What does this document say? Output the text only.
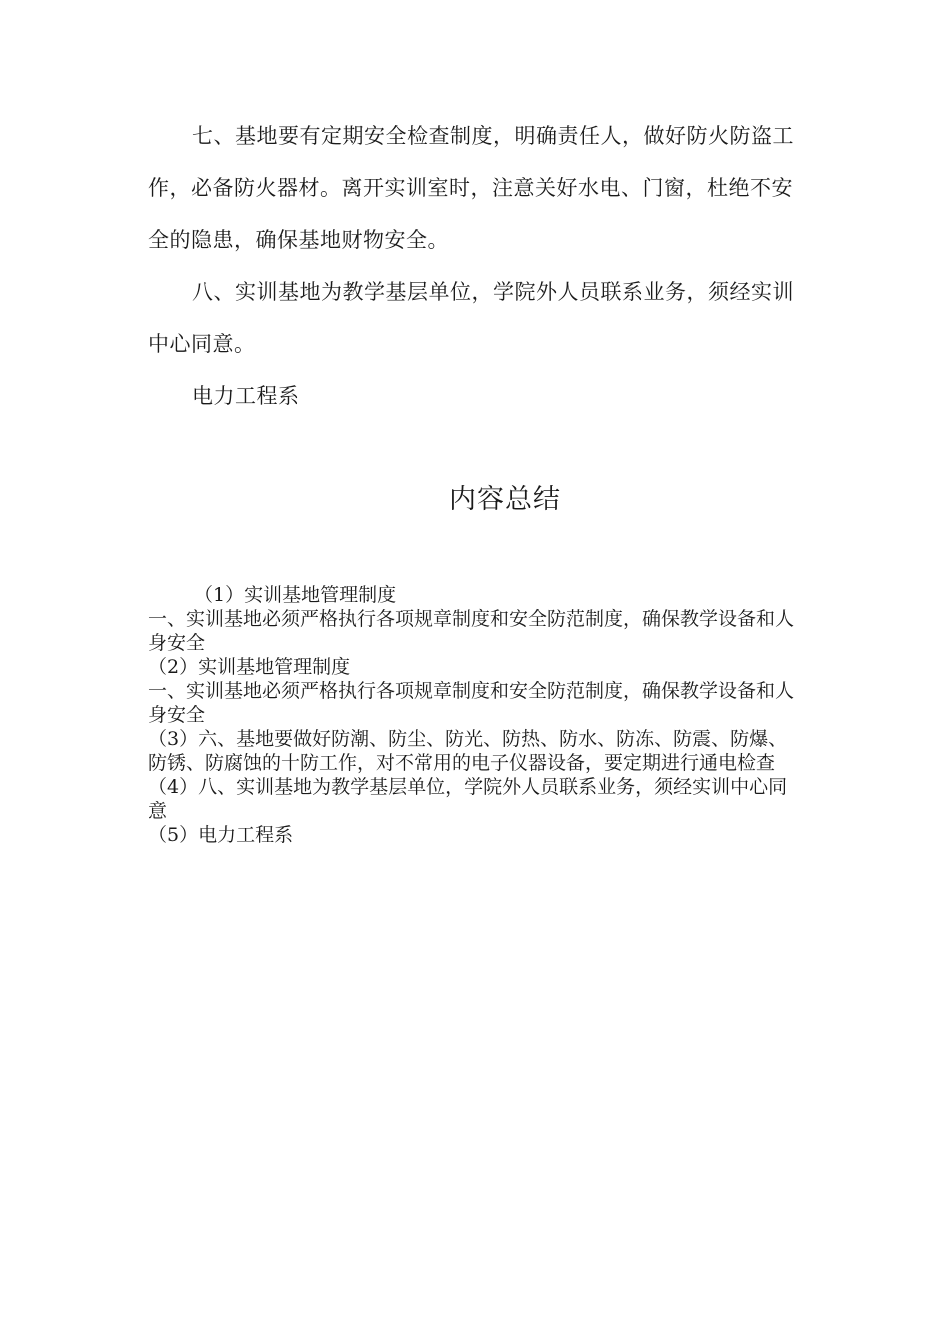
七、基地要有定期安全检查制度，明确责任人，做好防火防盗工作，必备防火器材。离开实训室时，注意关好水电、门窗，杜绝不安全的隐患，确保基地财物安全。

八、实训基地为教学基层单位，学院外人员联系业务，须经实训中心同意。

电力工程系

内容总结

（1）实训基地管理制度

一、实训基地必须严格执行各项规章制度和安全防范制度，确保教学设备和人身安全

（2）实训基地管理制度

一、实训基地必须严格执行各项规章制度和安全防范制度，确保教学设备和人身安全

（3）六、基地要做好防潮、防尘、防光、防热、防水、防冻、防震、防爆、防锈、防腐蚀的十防工作，对不常用的电子仪器设备，要定期进行通电检查

（4）八、实训基地为教学基层单位，学院外人员联系业务，须经实训中心同意

（5）电力工程系
